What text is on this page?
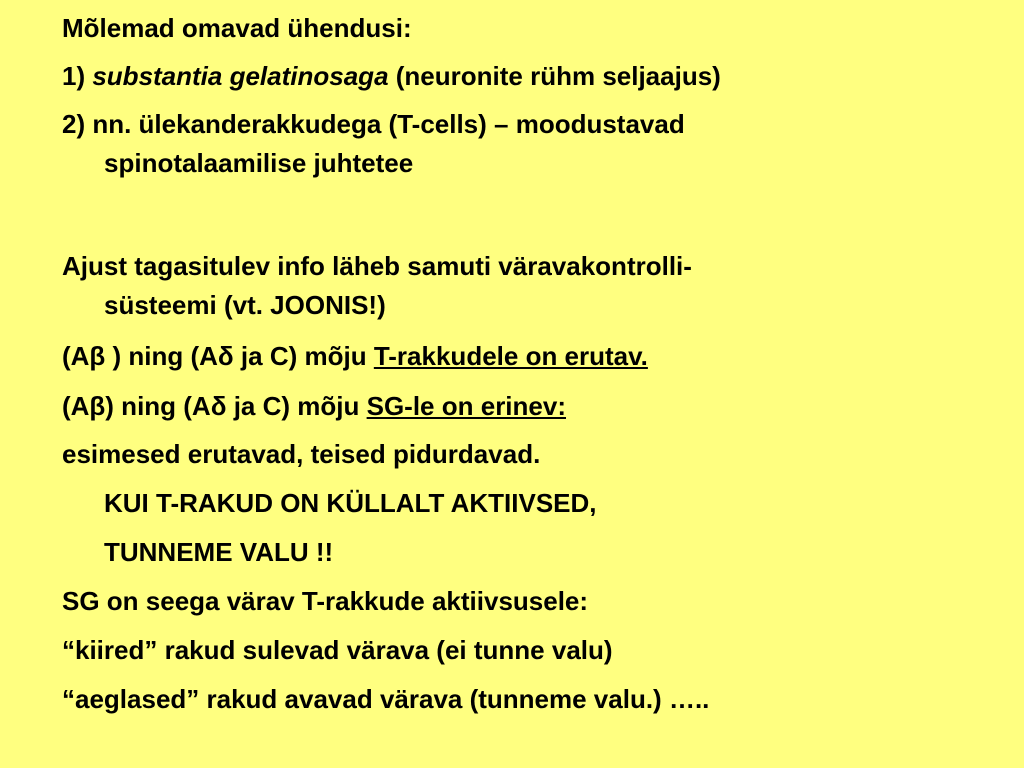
Mõlemad omavad ühendusi:
1) substantia gelatinosaga (neuronite rühm seljaajus)
2) nn. ülekanderakkudega (T-cells) – moodustavad
spinotalaamilise juhtetee
Ajust tagasitulev info läheb samuti väravakontrolli-
süsteemi (vt. JOONIS!)
(Aβ ) ning (Aδ ja C) mõju T-rakkudele on erutav.
(Aβ) ning (Aδ ja C) mõju SG-le on erinev:
esimesed erutavad, teised pidurdavad.
KUI T-RAKUD ON KÜLLALT AKTIIVSED,
TUNNEME VALU !!
SG on seega värav T-rakkude aktiivsusele:
“kiired” rakud sulevad värava (ei tunne valu)
“aeglased” rakud avavad värava (tunneme valu.) …..
